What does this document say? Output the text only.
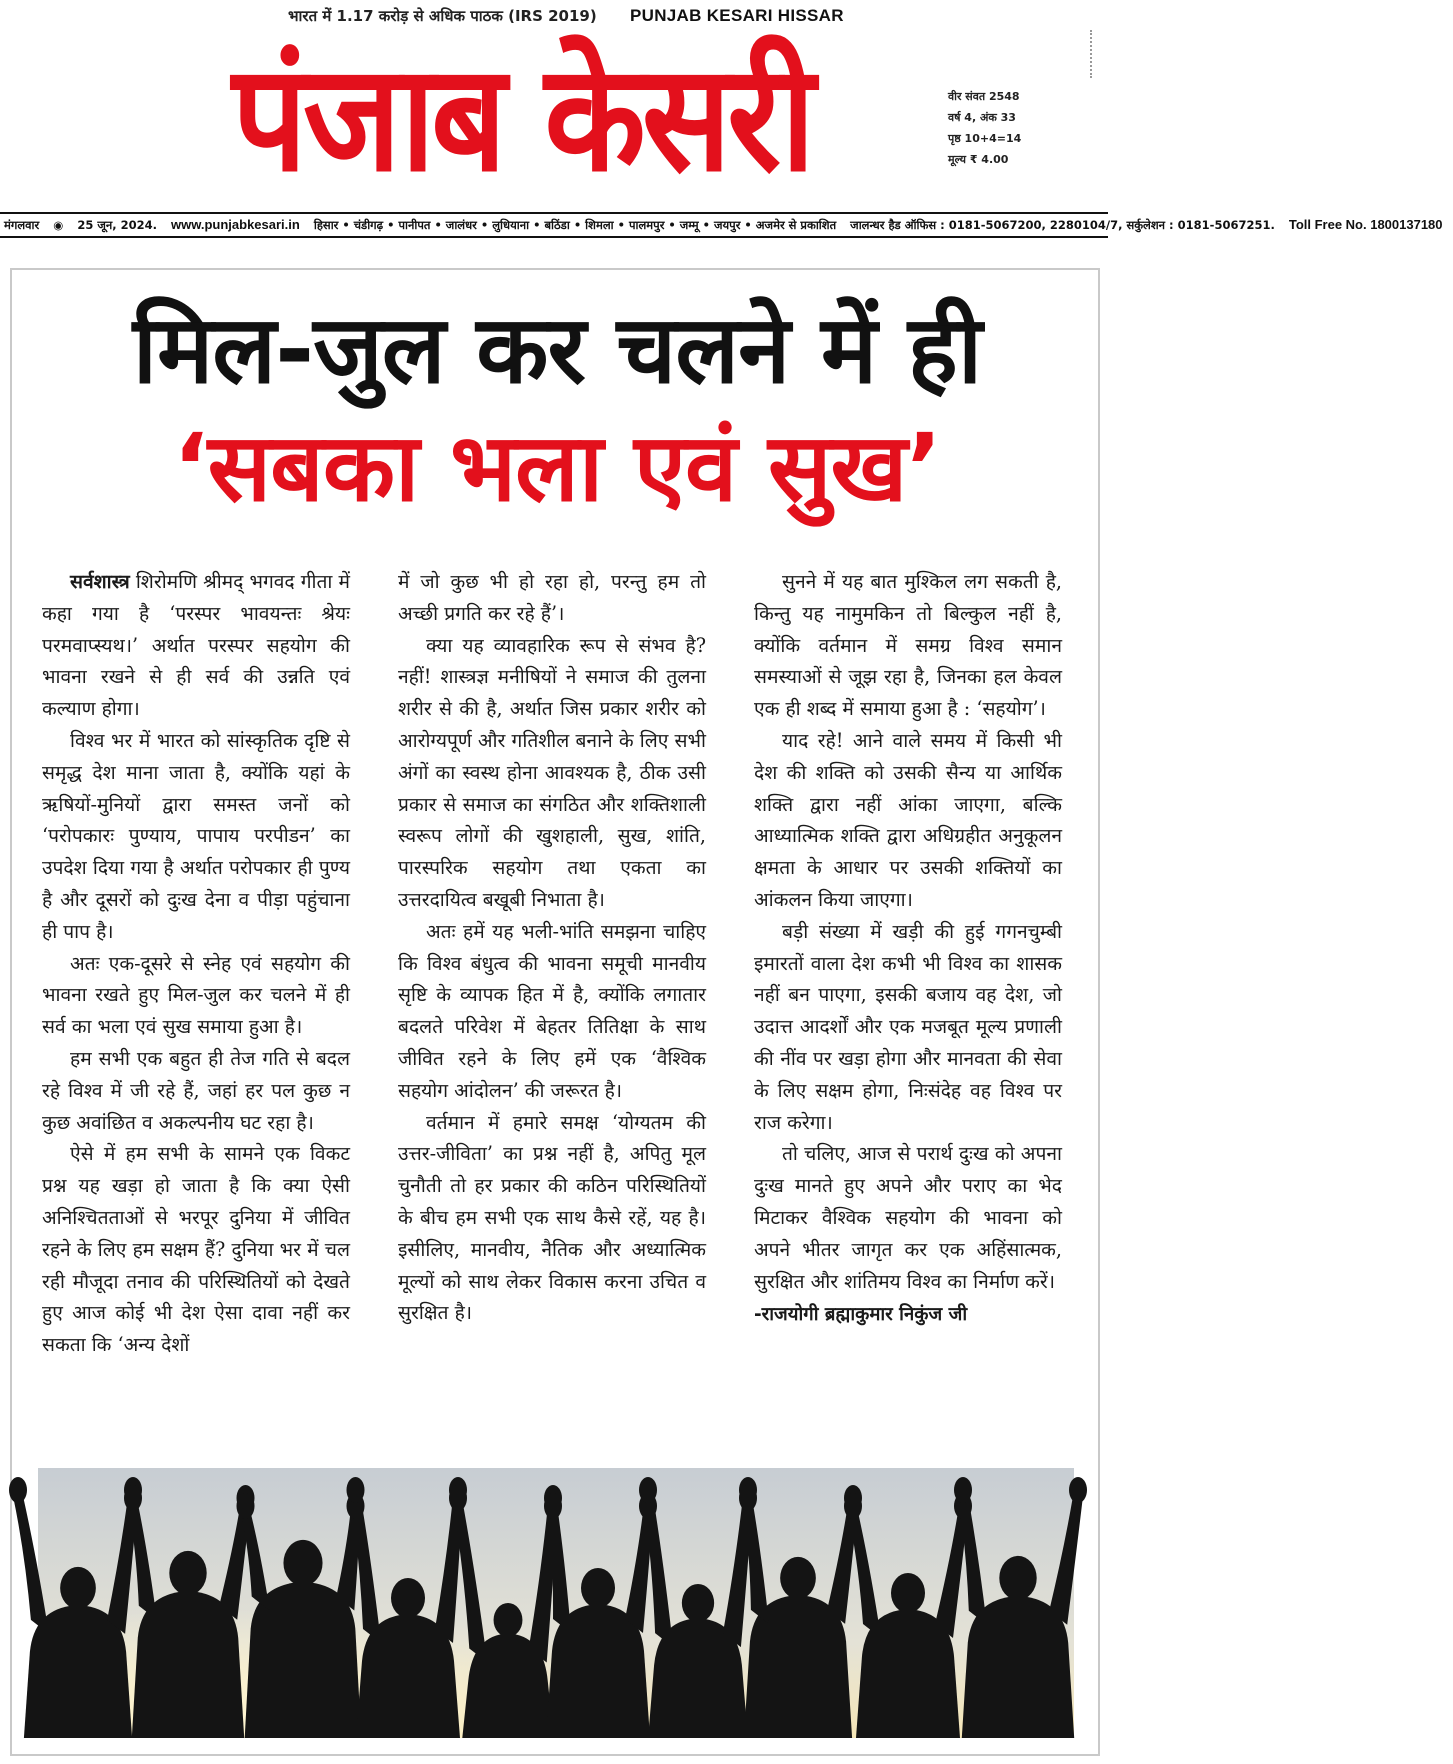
भारत में 1.17 करोड़ से अधिक पाठक (IRS 2019) PUNJAB KESARI HISSAR
पंजाब केसरी	वीर संवत 2548
वर्ष 4, अंक 33
पृष्ठ 10+4=14
मूल्य ₹ 4.00
मंगलवार ◉ 25 जून, 2024. www.punjabkesari.in हिसार • चंडीगढ़ • पानीपत • जालंधर • लुधियाना • बठिंडा • शिमला • पालमपुर • जम्मू • जयपुर • अजमेर से प्रकाशित जालन्धर हैड ऑफिस : 0181-5067200, 2280104/7, सर्कुलेशन : 0181-5067251. Toll Free No. 1800137180
मिल-जुल कर चलने में ही
‘सबका भला एवं सुख’

सर्वशास्त्र शिरोमणि श्रीमद् भगवद गीता में कहा गया है ‘परस्पर भावयन्तः श्रेयः परमवाप्स्यथ।’ अर्थात परस्पर सहयोग की भावना रखने से ही सर्व की उन्नति एवं कल्याण होगा।

विश्व भर में भारत को सांस्कृतिक दृष्टि से समृद्ध देश माना जाता है, क्योंकि यहां के ऋषियों-मुनियों द्वारा समस्त जनों को ‘परोपकारः पुण्याय, पापाय परपीडन’ का उपदेश दिया गया है अर्थात परोपकार ही पुण्य है और दूसरों को दुःख देना व पीड़ा पहुंचाना ही पाप है।

अतः एक-दूसरे से स्नेह एवं सहयोग की भावना रखते हुए मिल-जुल कर चलने में ही सर्व का भला एवं सुख समाया हुआ है।

हम सभी एक बहुत ही तेज गति से बदल रहे विश्व में जी रहे हैं, जहां हर पल कुछ न कुछ अवांछित व अकल्पनीय घट रहा है।

ऐसे में हम सभी के सामने एक विकट प्रश्न यह खड़ा हो जाता है कि क्या ऐसी अनिश्चितताओं से भरपूर दुनिया में जीवित रहने के लिए हम सक्षम हैं? दुनिया भर में चल रही मौजूदा तनाव की परिस्थितियों को देखते हुए आज कोई भी देश ऐसा दावा नहीं कर सकता कि ‘अन्य देशों

में जो कुछ भी हो रहा हो, परन्तु हम तो अच्छी प्रगति कर रहे हैं’।

क्या यह व्यावहारिक रूप से संभव है? नहीं! शास्त्रज्ञ मनीषियों ने समाज की तुलना शरीर से की है, अर्थात जिस प्रकार शरीर को आरोग्यपूर्ण और गतिशील बनाने के लिए सभी अंगों का स्वस्थ होना आवश्यक है, ठीक उसी प्रकार से समाज का संगठित और शक्तिशाली स्वरूप लोगों की खुशहाली, सुख, शांति, पारस्परिक सहयोग तथा एकता का उत्तरदायित्व बखूबी निभाता है।

अतः हमें यह भली-भांति समझना चाहिए कि विश्व बंधुत्व की भावना समूची मानवीय सृष्टि के व्यापक हित में है, क्योंकि लगातार बदलते परिवेश में बेहतर तितिक्षा के साथ जीवित रहने के लिए हमें एक ‘वैश्विक सहयोग आंदोलन’ की जरूरत है।

वर्तमान में हमारे समक्ष ‘योग्यतम की उत्तर-जीविता’ का प्रश्न नहीं है, अपितु मूल चुनौती तो हर प्रकार की कठिन परिस्थितियों के बीच हम सभी एक साथ कैसे रहें, यह है। इसीलिए, मानवीय, नैतिक और अध्यात्मिक मूल्यों को साथ लेकर विकास करना उचित व सुरक्षित है।

सुनने में यह बात मुश्किल लग सकती है, किन्तु यह नामुमकिन तो बिल्कुल नहीं है, क्योंकि वर्तमान में समग्र विश्व समान समस्याओं से जूझ रहा है, जिनका हल केवल एक ही शब्द में समाया हुआ है : ‘सहयोग’।

याद रहे! आने वाले समय में किसी भी देश की शक्ति को उसकी सैन्य या आर्थिक शक्ति द्वारा नहीं आंका जाएगा, बल्कि आध्यात्मिक शक्ति द्वारा अधिग्रहीत अनुकूलन क्षमता के आधार पर उसकी शक्तियों का आंकलन किया जाएगा।

बड़ी संख्या में खड़ी की हुई गगनचुम्बी इमारतों वाला देश कभी भी विश्व का शासक नहीं बन पाएगा, इसकी बजाय वह देश, जो उदात्त आदर्शों और एक मजबूत मूल्य प्रणाली की नींव पर खड़ा होगा और मानवता की सेवा के लिए सक्षम होगा, निःसंदेह वह विश्व पर राज करेगा।

तो चलिए, आज से परार्थ दुःख को अपना दुःख मानते हुए अपने और पराए का भेद मिटाकर वैश्विक सहयोग की भावना को अपने भीतर जागृत कर एक अहिंसात्मक, सुरक्षित और शांतिमय विश्व का निर्माण करें।

-राजयोगी ब्रह्माकुमार निकुंज जी
